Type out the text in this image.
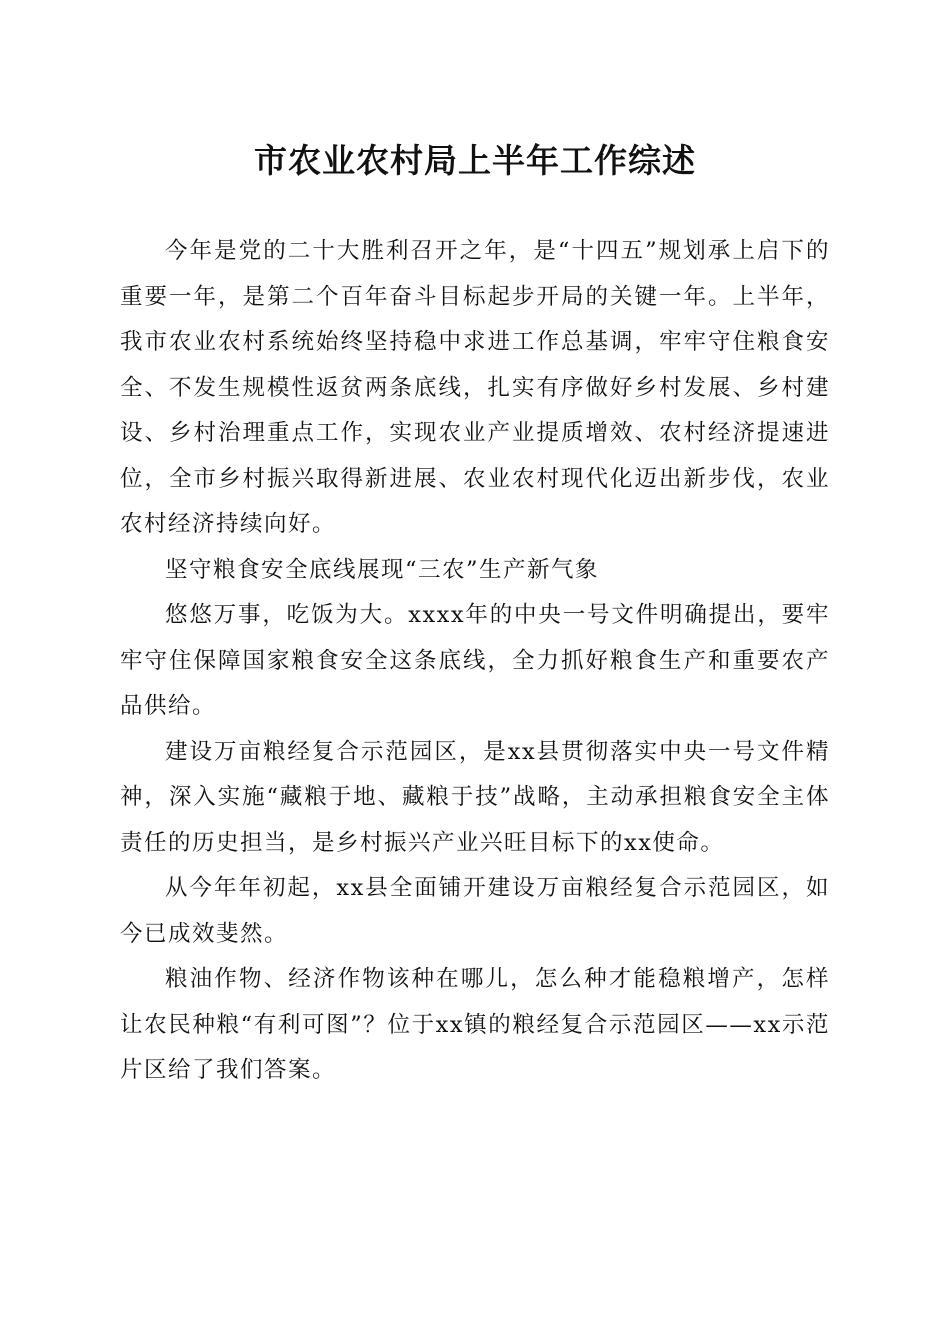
市农业农村局上半年工作综述

今年是党的二十大胜利召开之年，是“十四五”规划承上启下的重要一年，是第二个百年奋斗目标起步开局的关键一年。上半年，我市农业农村系统始终坚持稳中求进工作总基调，牢牢守住粮食安全、不发生规模性返贫两条底线，扎实有序做好乡村发展、乡村建设、乡村治理重点工作，实现农业产业提质增效、农村经济提速进位，全市乡村振兴取得新进展、农业农村现代化迈出新步伐，农业农村经济持续向好。

坚守粮食安全底线展现“三农”生产新气象

悠悠万事，吃饭为大。xxxx年的中央一号文件明确提出，要牢牢守住保障国家粮食安全这条底线，全力抓好粮食生产和重要农产品供给。

建设万亩粮经复合示范园区，是xx县贯彻落实中央一号文件精神，深入实施“藏粮于地、藏粮于技”战略，主动承担粮食安全主体责任的历史担当，是乡村振兴产业兴旺目标下的xx使命。

从今年年初起，xx县全面铺开建设万亩粮经复合示范园区，如今已成效斐然。

粮油作物、经济作物该种在哪儿，怎么种才能稳粮增产，怎样让农民种粮“有利可图”？位于xx镇的粮经复合示范园区——xx示范片区给了我们答案。
